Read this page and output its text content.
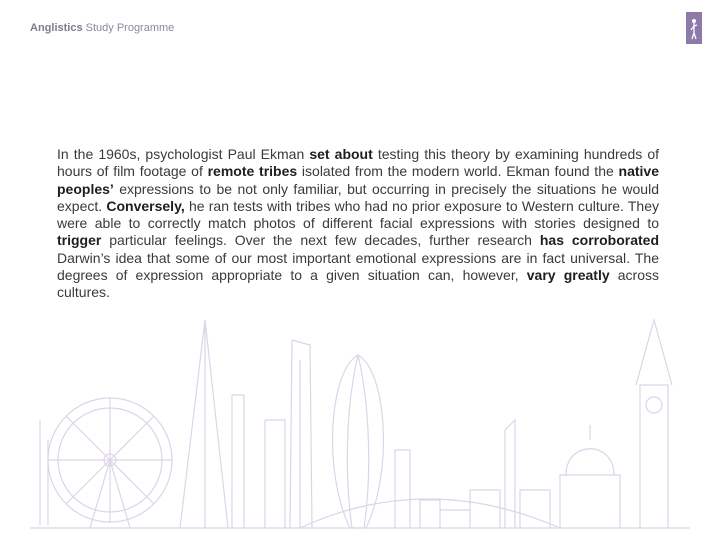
Anglistics Study Programme
In the 1960s, psychologist Paul Ekman set about testing this theory by examining hundreds of hours of film footage of remote tribes isolated from the modern world. Ekman found the native peoples’ expressions to be not only familiar, but occurring in precisely the situations he would expect. Conversely, he ran tests with tribes who had no prior exposure to Western culture. They were able to correctly match photos of different facial expressions with stories designed to trigger particular feelings. Over the next few decades, further research has corroborated Darwin’s idea that some of our most important emotional expressions are in fact universal. The degrees of expression appropriate to a given situation can, however, vary greatly across cultures.
